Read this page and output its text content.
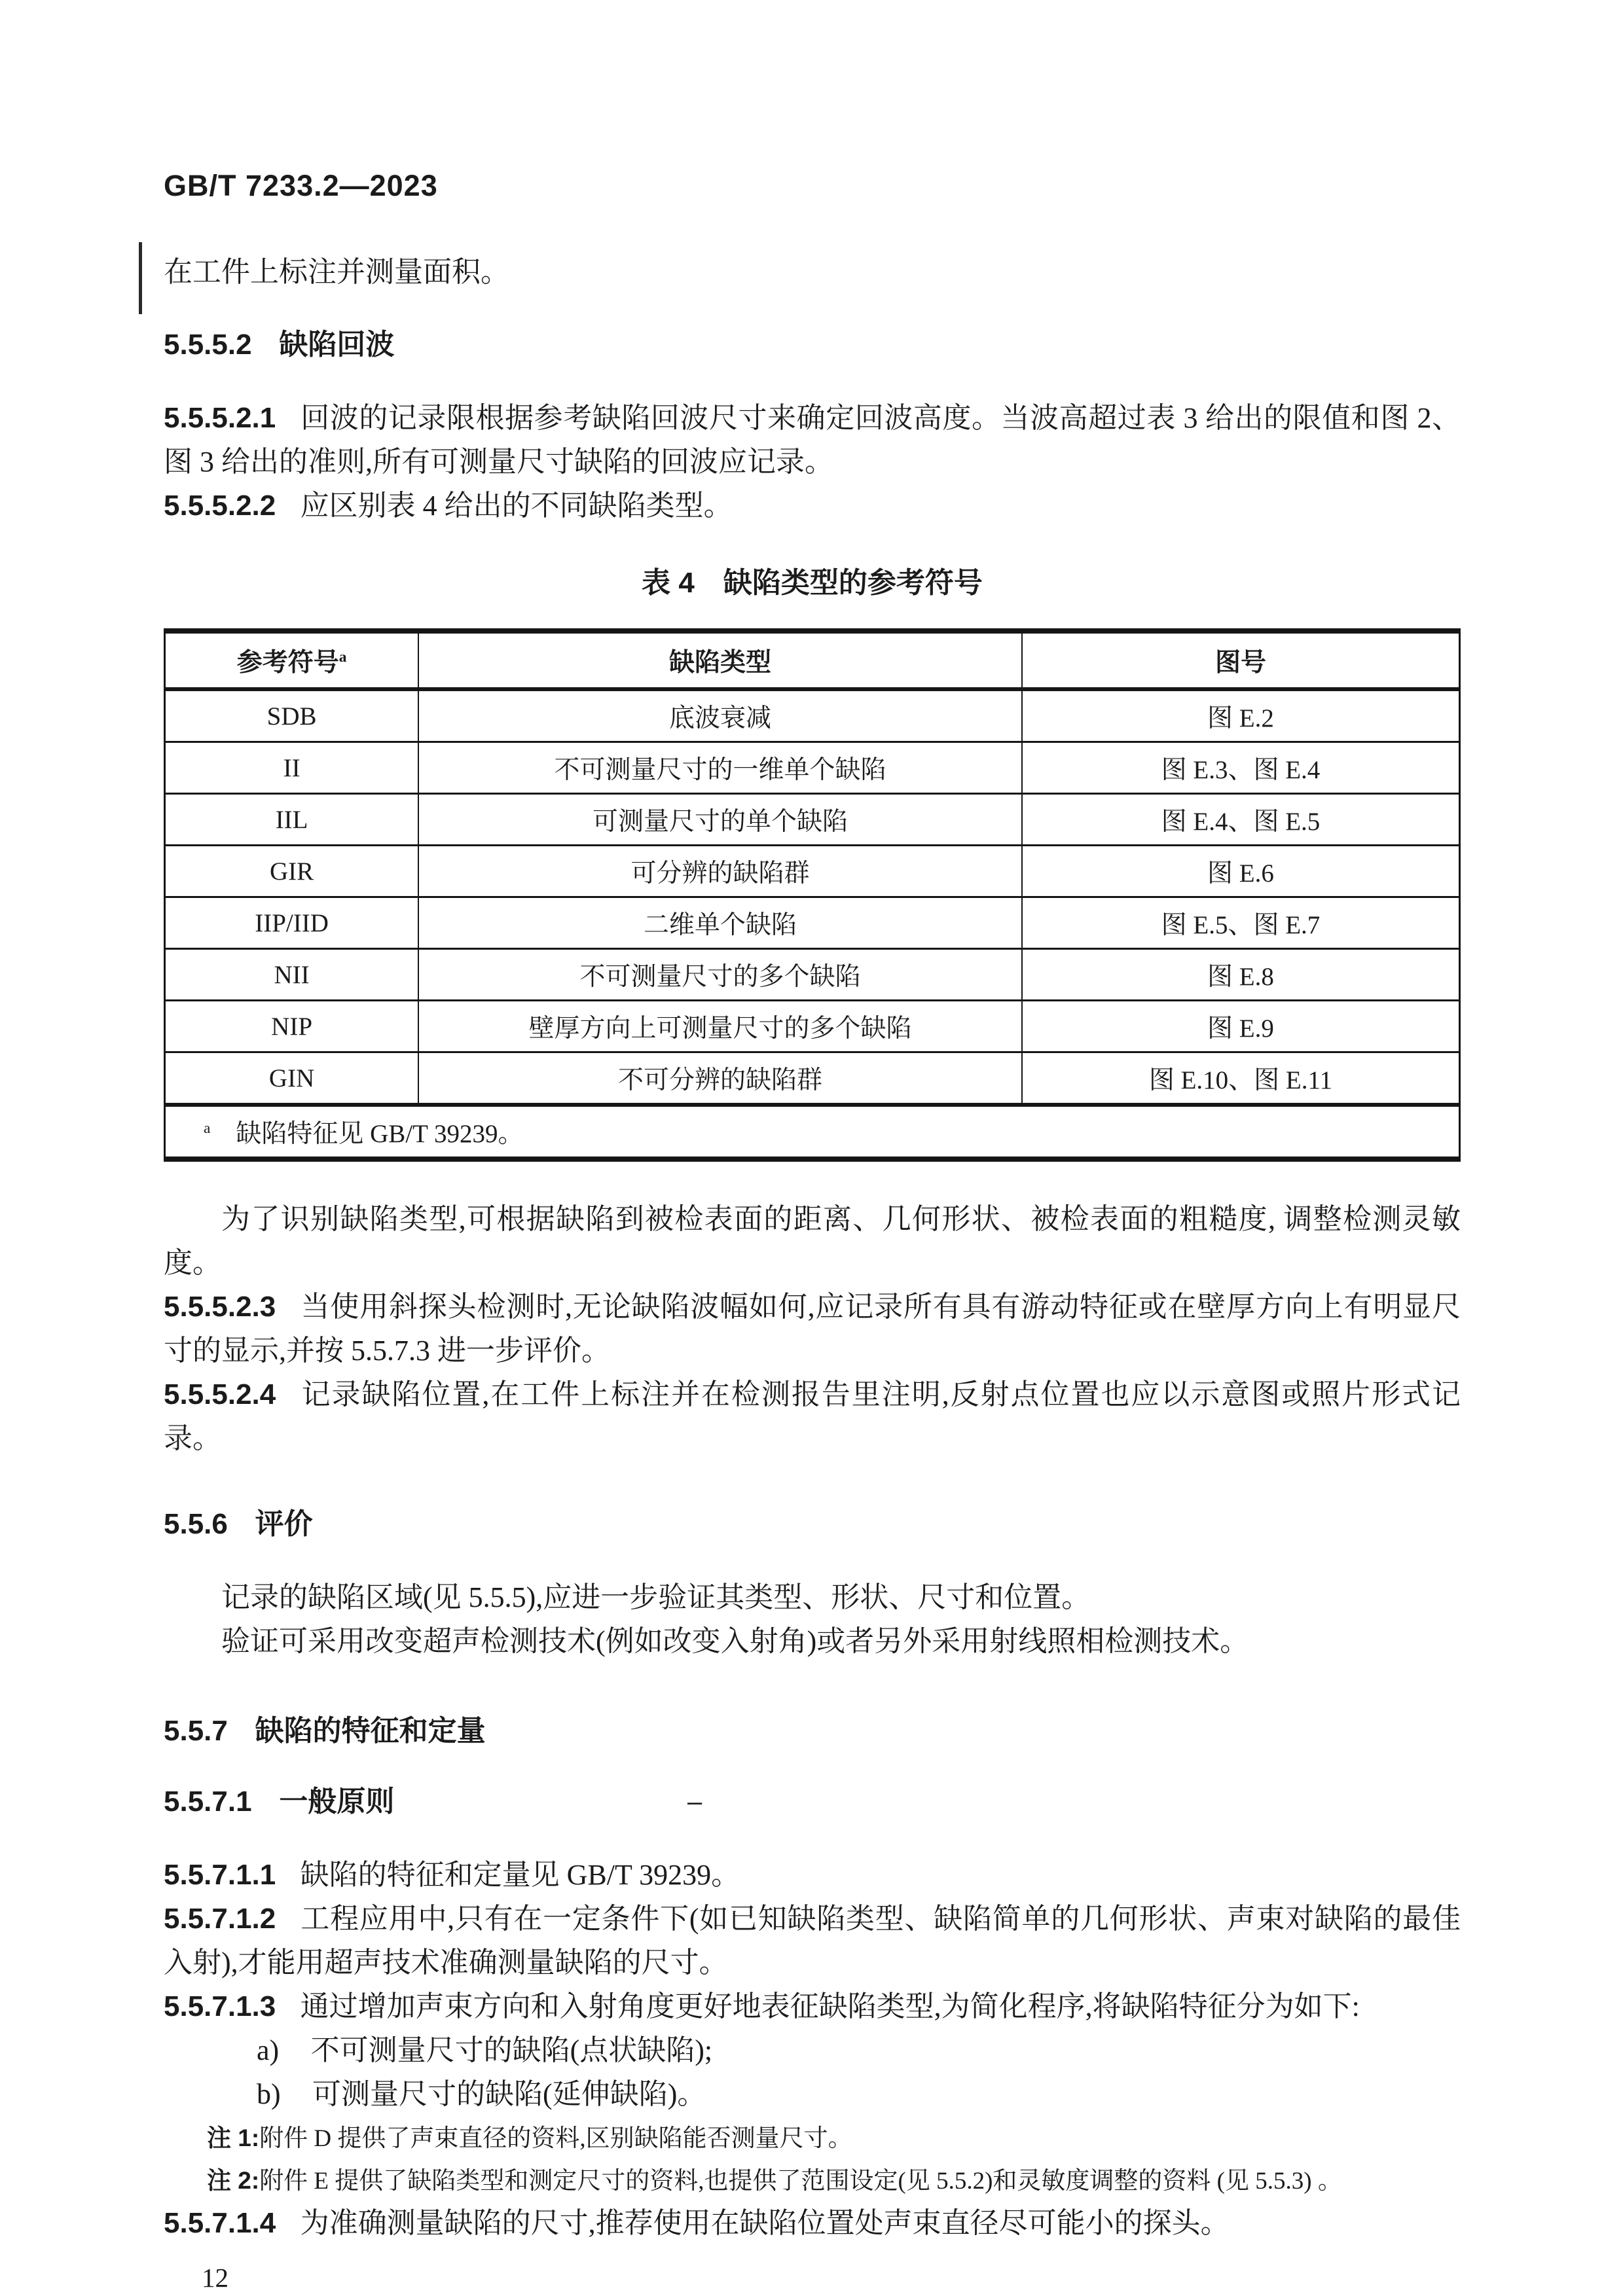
GB/T 7233.2—2023

在工件上标注并测量面积。

5.5.5.2 缺陷回波

5.5.5.2.1 回波的记录限根据参考缺陷回波尺寸来确定回波高度。当波高超过表 3 给出的限值和图 2、图 3 给出的准则,所有可测量尺寸缺陷的回波应记录。

5.5.5.2.2 应区别表 4 给出的不同缺陷类型。

表 4　缺陷类型的参考符号
参考符号$^a$	缺陷类型	图号
SDB	底波衰减	图 E.2
II	不可测量尺寸的一维单个缺陷	图 E.3、图 E.4
IIL	可测量尺寸的单个缺陷	图 E.4、图 E.5
GIR	可分辨的缺陷群	图 E.6
IIP/IID	二维单个缺陷	图 E.5、图 E.7
NII	不可测量尺寸的多个缺陷	图 E.8
NIP	壁厚方向上可测量尺寸的多个缺陷	图 E.9
GIN	不可分辨的缺陷群	图 E.10、图 E.11
$^a$　缺陷特征见 GB/T 39239。		

为了识别缺陷类型,可根据缺陷到被检表面的距离、几何形状、被检表面的粗糙度, 调整检测灵敏度。

5.5.5.2.3 当使用斜探头检测时,无论缺陷波幅如何,应记录所有具有游动特征或在壁厚方向上有明显尺寸的显示,并按 5.5.7.3 进一步评价。

5.5.5.2.4 记录缺陷位置,在工件上标注并在检测报告里注明,反射点位置也应以示意图或照片形式记录。

5.5.6 评价

记录的缺陷区域(见 5.5.5),应进一步验证其类型、形状、尺寸和位置。

验证可采用改变超声检测技术(例如改变入射角)或者另外采用射线照相检测技术。

5.5.7 缺陷的特征和定量
5.5.7.1 一般原则	–

5.5.7.1.1 缺陷的特征和定量见 GB/T 39239。

5.5.7.1.2 工程应用中,只有在一定条件下(如已知缺陷类型、缺陷简单的几何形状、声束对缺陷的最佳入射),才能用超声技术准确测量缺陷的尺寸。

5.5.7.1.3 通过增加声束方向和入射角度更好地表征缺陷类型,为简化程序,将缺陷特征分为如下:

a) 不可测量尺寸的缺陷(点状缺陷);

b) 可测量尺寸的缺陷(延伸缺陷)。

注 1:附件 D 提供了声束直径的资料,区别缺陷能否测量尺寸。

注 2:附件 E 提供了缺陷类型和测定尺寸的资料,也提供了范围设定(见 5.5.2)和灵敏度调整的资料 (见 5.5.3) 。

5.5.7.1.4 为准确测量缺陷的尺寸,推荐使用在缺陷位置处声束直径尽可能小的探头。

12
